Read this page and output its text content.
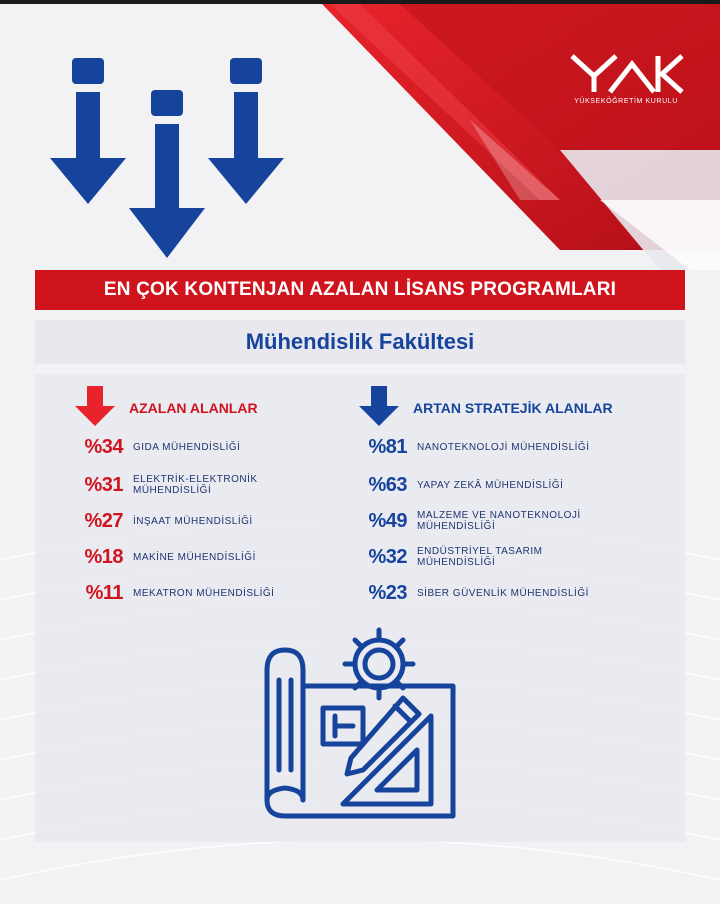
YÜKSEKÖĞRETİM KURULU
EN ÇOK KONTENJAN AZALAN LİSANS PROGRAMLARI
Mühendislik Fakültesi
AZALAN ALANLAR
%34 GIDA MÜHENDİSLİĞİ
%31 ELEKTRİK-ELEKTRONİK MÜHENDİSLİĞİ
%27 İNŞAAT MÜHENDİSLİĞİ
%18 MAKİNE MÜHENDİSLİĞİ
%11 MEKATRON MÜHENDİSLİĞİ
ARTAN STRATEJİK ALANLAR
%81 NANOTEKNOLOJİ MÜHENDİSLİĞİ
%63 YAPAY ZEKÂ MÜHENDİSLİĞİ
%49 MALZEME VE NANOTEKNOLOJİ MÜHENDİSLİĞİ
%32 ENDÜSTRİYEL TASARIM MÜHENDİSLİĞİ
%23 SİBER GÜVENLİK MÜHENDİSLİĞİ
